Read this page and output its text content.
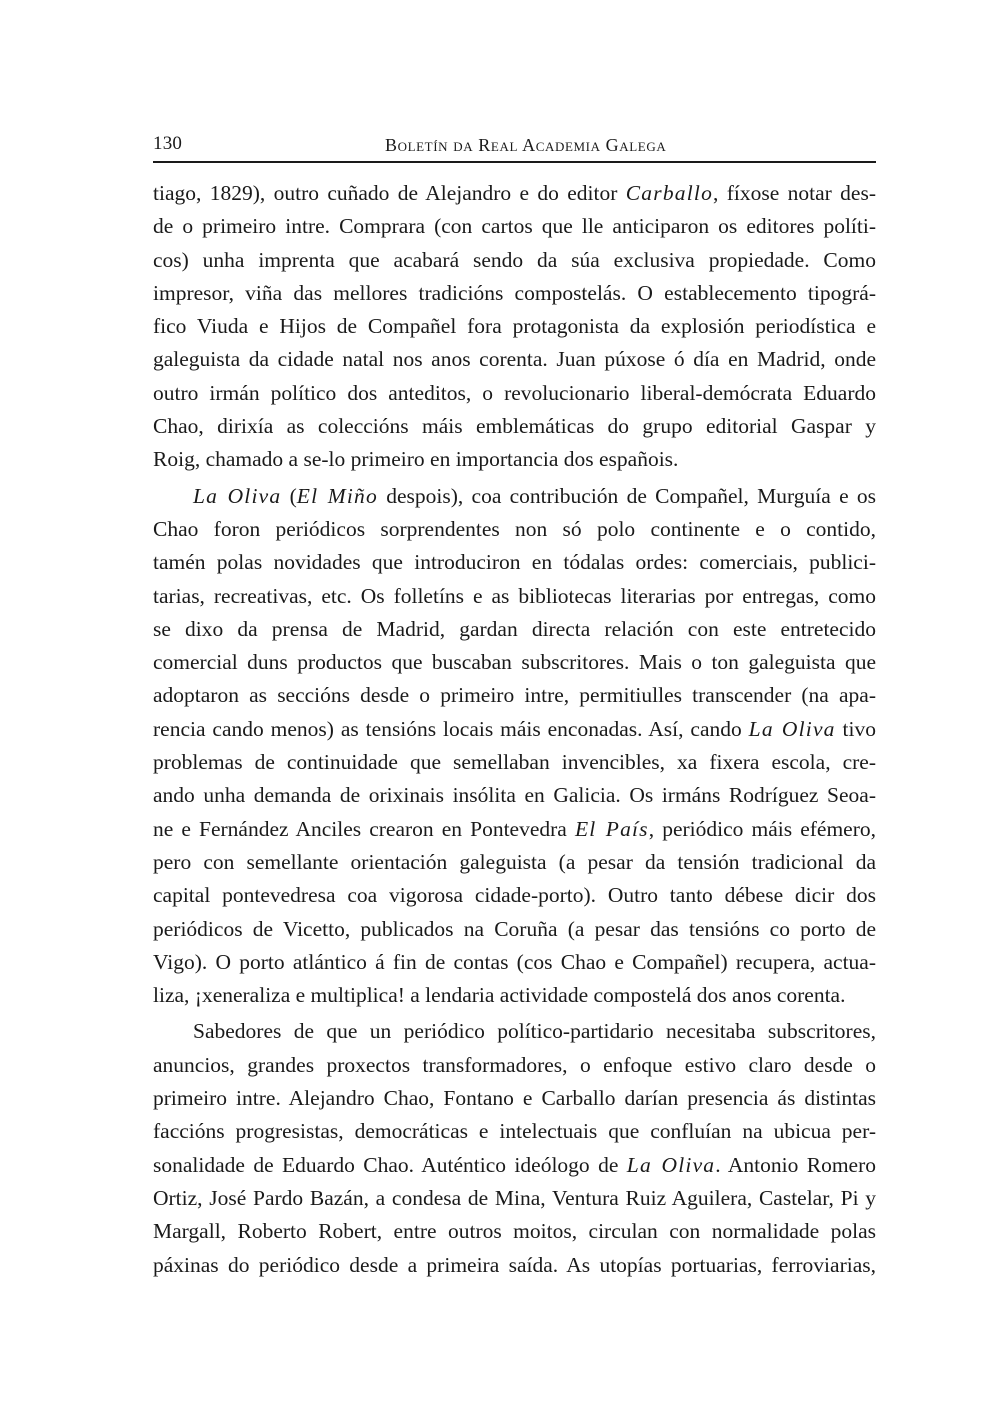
130	Boletín da Real Academia Galega
tiago, 1829), outro cuñado de Alejandro e do editor Carballo, fíxose notar des-
de o primeiro intre. Comprara (con cartos que lle anticiparon os editores políti-
cos) unha imprenta que acabará sendo da súa exclusiva propiedade. Como
impresor, viña das mellores tradicións compostelás. O establecemento tipográ-
fico Viuda e Hijos de Compañel fora protagonista da explosión periodística e
galeguista da cidade natal nos anos corenta. Juan púxose ó día en Madrid, onde
outro irmán político dos anteditos, o revolucionario liberal-demócrata Eduardo
Chao, dirixía as coleccións máis emblemáticas do grupo editorial Gaspar y
Roig, chamado a se-lo primeiro en importancia dos españois.
La Oliva (El Miño despois), coa contribución de Compañel, Murguía e os
Chao foron periódicos sorprendentes non só polo continente e o contido,
tamén polas novidades que introduciron en tódalas ordes: comerciais, publici-
tarias, recreativas, etc. Os folletíns e as bibliotecas literarias por entregas, como
se dixo da prensa de Madrid, gardan directa relación con este entretecido
comercial duns productos que buscaban subscritores. Mais o ton galeguista que
adoptaron as seccións desde o primeiro intre, permitiulles transcender (na apa-
rencia cando menos) as tensións locais máis enconadas. Así, cando La Oliva tivo
problemas de continuidade que semellaban invencibles, xa fixera escola, cre-
ando unha demanda de orixinais insólita en Galicia. Os irmáns Rodríguez Seoa-
ne e Fernández Anciles crearon en Pontevedra El País, periódico máis efémero,
pero con semellante orientación galeguista (a pesar da tensión tradicional da
capital pontevedresa coa vigorosa cidade-porto). Outro tanto débese dicir dos
periódicos de Vicetto, publicados na Coruña (a pesar das tensións co porto de
Vigo). O porto atlántico á fin de contas (cos Chao e Compañel) recupera, actua-
liza, ¡xeneraliza e multiplica! a lendaria actividade compostelá dos anos corenta.
Sabedores de que un periódico político-partidario necesitaba subscritores,
anuncios, grandes proxectos transformadores, o enfoque estivo claro desde o
primeiro intre. Alejandro Chao, Fontano e Carballo darían presencia ás distintas
faccións progresistas, democráticas e intelectuais que confluían na ubicua per-
sonalidade de Eduardo Chao. Auténtico ideólogo de La Oliva. Antonio Romero
Ortiz, José Pardo Bazán, a condesa de Mina, Ventura Ruiz Aguilera, Castelar, Pi y
Margall, Roberto Robert, entre outros moitos, circulan con normalidade polas
páxinas do periódico desde a primeira saída. As utopías portuarias, ferroviarias,
